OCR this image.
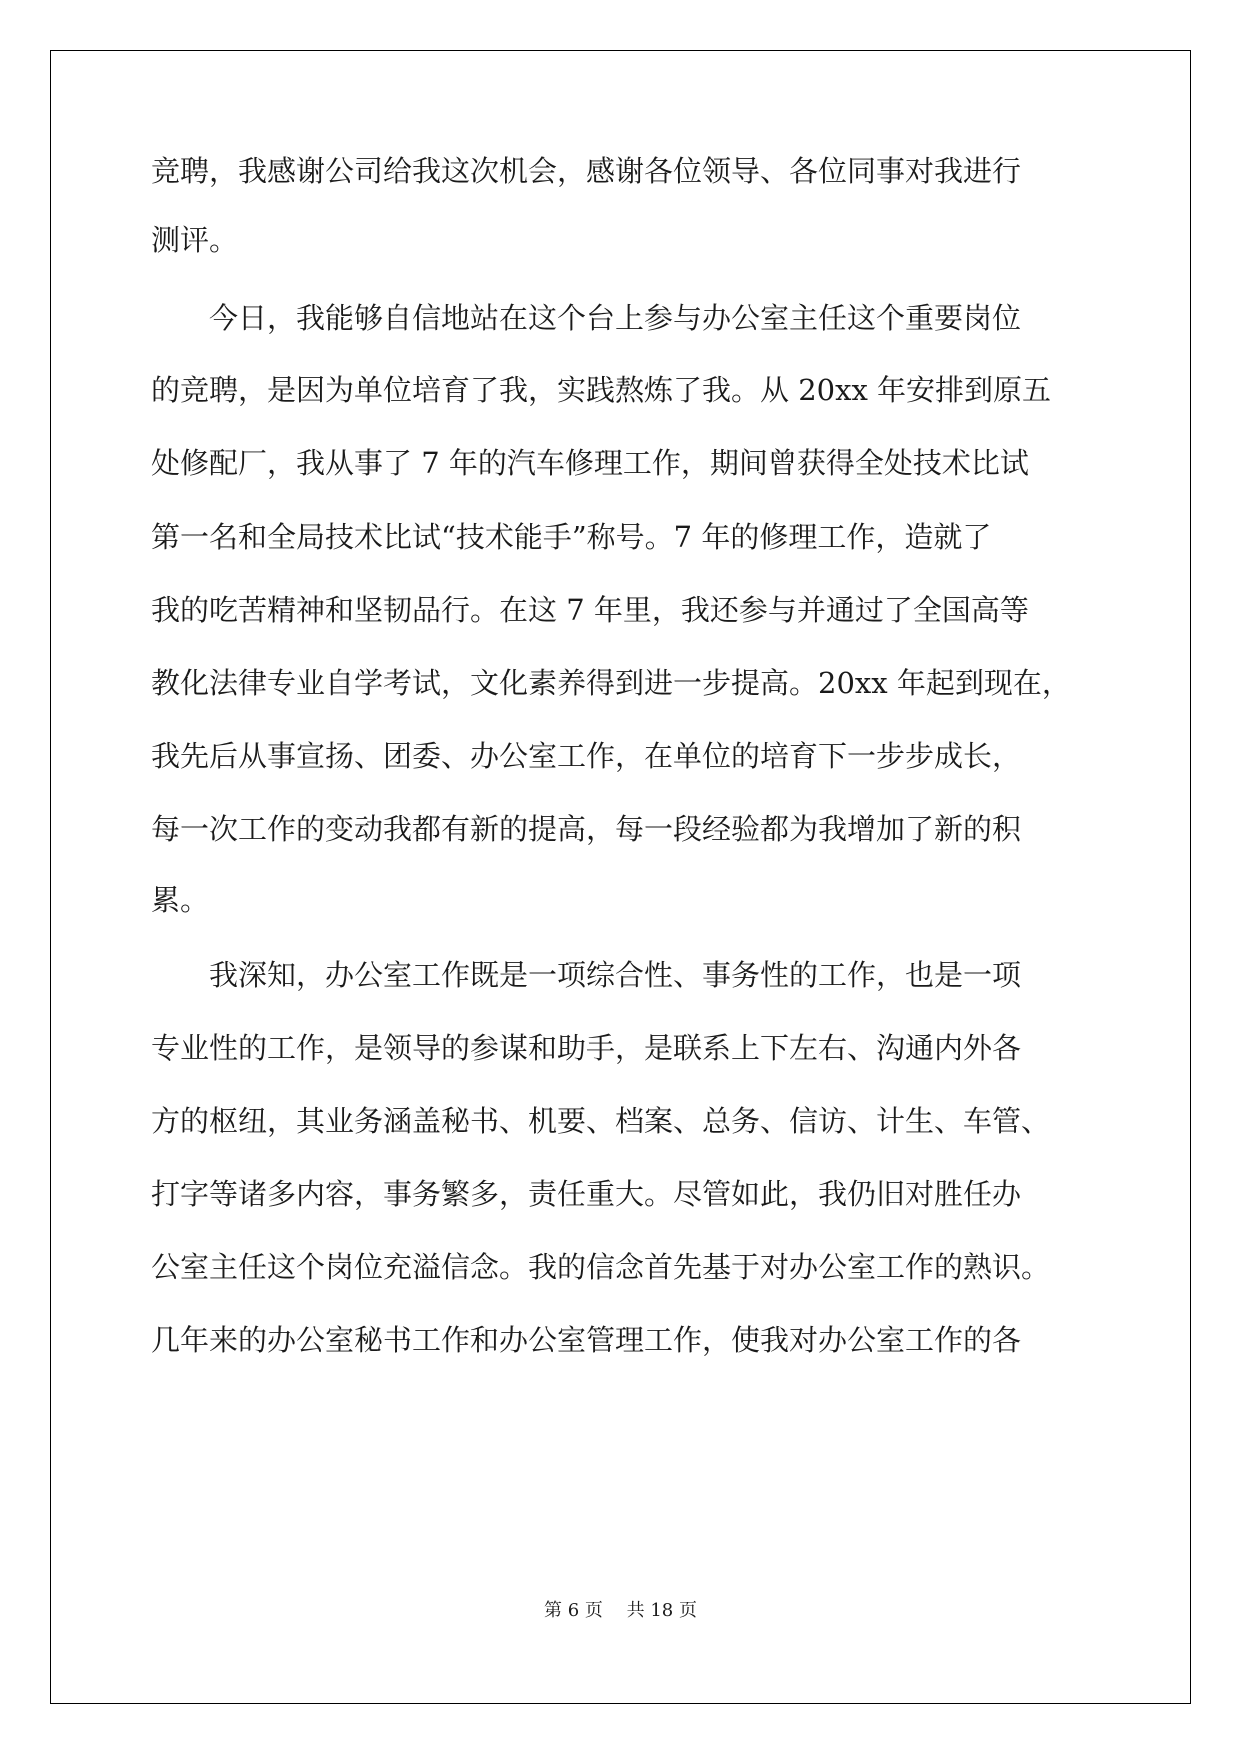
竞聘，我感谢公司给我这次机会，感谢各位领导、各位同事对我进行
测评。
　　今日，我能够自信地站在这个台上参与办公室主任这个重要岗位
的竞聘，是因为单位培育了我，实践熬炼了我。从 20xx 年安排到原五
处修配厂，我从事了 7 年的汽车修理工作，期间曾获得全处技术比试
第一名和全局技术比试“技术能手”称号。7 年的修理工作，造就了
我的吃苦精神和坚韧品行。在这 7 年里，我还参与并通过了全国高等
教化法律专业自学考试，文化素养得到进一步提高。20xx 年起到现在，
我先后从事宣扬、团委、办公室工作，在单位的培育下一步步成长，
每一次工作的变动我都有新的提高，每一段经验都为我增加了新的积
累。
　　我深知，办公室工作既是一项综合性、事务性的工作，也是一项
专业性的工作，是领导的参谋和助手，是联系上下左右、沟通内外各
方的枢纽，其业务涵盖秘书、机要、档案、总务、信访、计生、车管、
打字等诸多内容，事务繁多，责任重大。尽管如此，我仍旧对胜任办
公室主任这个岗位充溢信念。我的信念首先基于对办公室工作的熟识。
几年来的办公室秘书工作和办公室管理工作，使我对办公室工作的各
第 6 页　 共 18 页
